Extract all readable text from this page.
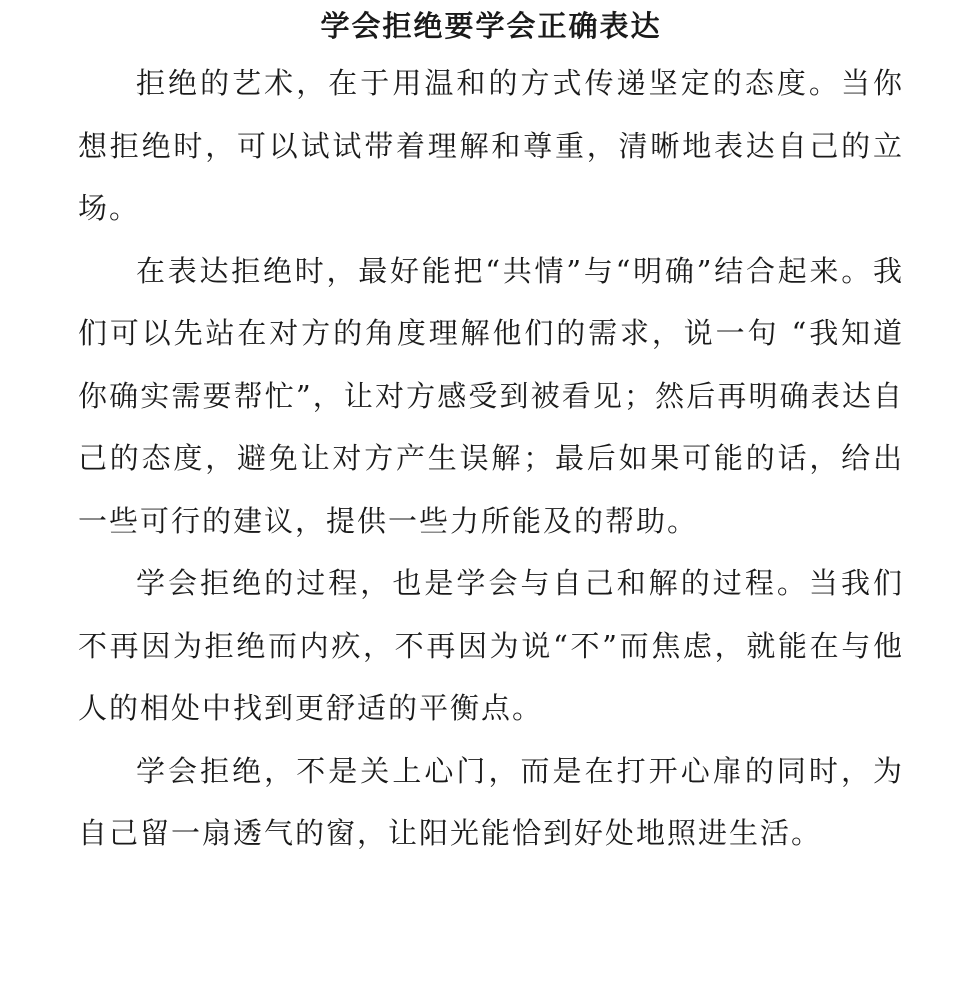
学会拒绝要学会正确表达

拒绝的艺术，在于用温和的方式传递坚定的态度。当你想拒绝时，可以试试带着理解和尊重，清晰地表达自己的立场。

在表达拒绝时，最好能把“共情”与“明确”结合起来。我们可以先站在对方的角度理解他们的需求，说一句 “我知道你确实需要帮忙”，让对方感受到被看见；然后再明确表达自己的态度，避免让对方产生误解；最后如果可能的话，给出一些可行的建议，提供一些力所能及的帮助。

学会拒绝的过程，也是学会与自己和解的过程。当我们不再因为拒绝而内疚，不再因为说“不”而焦虑，就能在与他人的相处中找到更舒适的平衡点。

学会拒绝，不是关上心门，而是在打开心扉的同时，为自己留一扇透气的窗，让阳光能恰到好处地照进生活。
